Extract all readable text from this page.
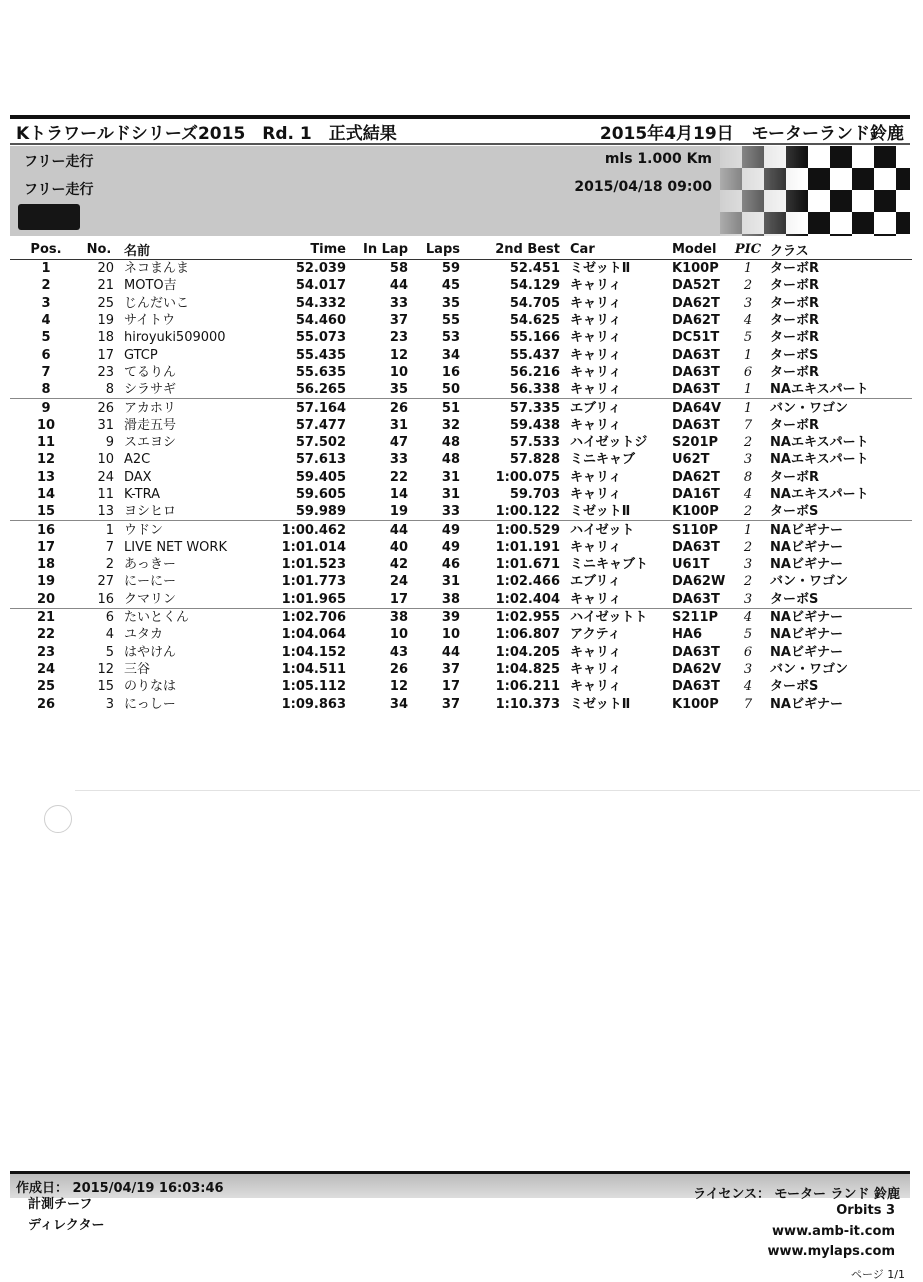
Kトラワールドシリーズ2015　Rd. 1　正式結果	2015年4月19日 モーターランド鈴鹿
フリー走行
フリー走行
mls 1.000 Km
2015/04/18 09:00
Pos.	No.	名前	Time	In Lap	Laps	2nd Best	Car	Model	PIC	クラス
1	20	ネコまんま	52.039	58	59	52.451	ミゼットⅡ	K100P	1	ターボR
2	21	MOTO吉	54.017	44	45	54.129	キャリィ	DA52T	2	ターボR
3	25	じんだいこ	54.332	33	35	54.705	キャリィ	DA62T	3	ターボR
4	19	サイトウ	54.460	37	55	54.625	キャリィ	DA62T	4	ターボR
5	18	hiroyuki509000	55.073	23	53	55.166	キャリィ	DC51T	5	ターボR
6	17	GTCP	55.435	12	34	55.437	キャリィ	DA63T	1	ターボS
7	23	てるりん	55.635	10	16	56.216	キャリィ	DA63T	6	ターボR
8	8	シラサギ	56.265	35	50	56.338	キャリィ	DA63T	1	NAエキスパート
9	26	アカホリ	57.164	26	51	57.335	エブリィ	DA64V	1	バン・ワゴン
10	31	滑走五号	57.477	31	32	59.438	キャリィ	DA63T	7	ターボR
11	9	スエヨシ	57.502	47	48	57.533	ハイゼットジ	S201P	2	NAエキスパート
12	10	A2C	57.613	33	48	57.828	ミニキャブ	U62T	3	NAエキスパート
13	24	DAX	59.405	22	31	1:00.075	キャリィ	DA62T	8	ターボR
14	11	K-TRA	59.605	14	31	59.703	キャリィ	DA16T	4	NAエキスパート
15	13	ヨシヒロ	59.989	19	33	1:00.122	ミゼットⅡ	K100P	2	ターボS
16	1	ウドン	1:00.462	44	49	1:00.529	ハイゼット	S110P	1	NAビギナー
17	7	LIVE NET WORK	1:01.014	40	49	1:01.191	キャリィ	DA63T	2	NAビギナー
18	2	あっきー	1:01.523	42	46	1:01.671	ミニキャブト	U61T	3	NAビギナー
19	27	にーにー	1:01.773	24	31	1:02.466	エブリィ	DA62W	2	バン・ワゴン
20	16	クマリン	1:01.965	17	38	1:02.404	キャリィ	DA63T	3	ターボS
21	6	たいとくん	1:02.706	38	39	1:02.955	ハイゼットト	S211P	4	NAビギナー
22	4	ユタカ	1:04.064	10	10	1:06.807	アクティ	HA6	5	NAビギナー
23	5	はやけん	1:04.152	43	44	1:04.205	キャリィ	DA63T	6	NAビギナー
24	12	三谷	1:04.511	26	37	1:04.825	キャリィ	DA62V	3	バン・ワゴン
25	15	のりなは	1:05.112	12	17	1:06.211	キャリィ	DA63T	4	ターボS
26	3	にっしー	1:09.863	34	37	1:10.373	ミゼットⅡ	K100P	7	NAビギナー
作成日： 2015/04/19 16:03:46	ライセンス： モーター ランド 鈴鹿
計測チーフ
ディレクター
Orbits 3
www.amb-it.com
www.mylaps.com
ページ 1/1
